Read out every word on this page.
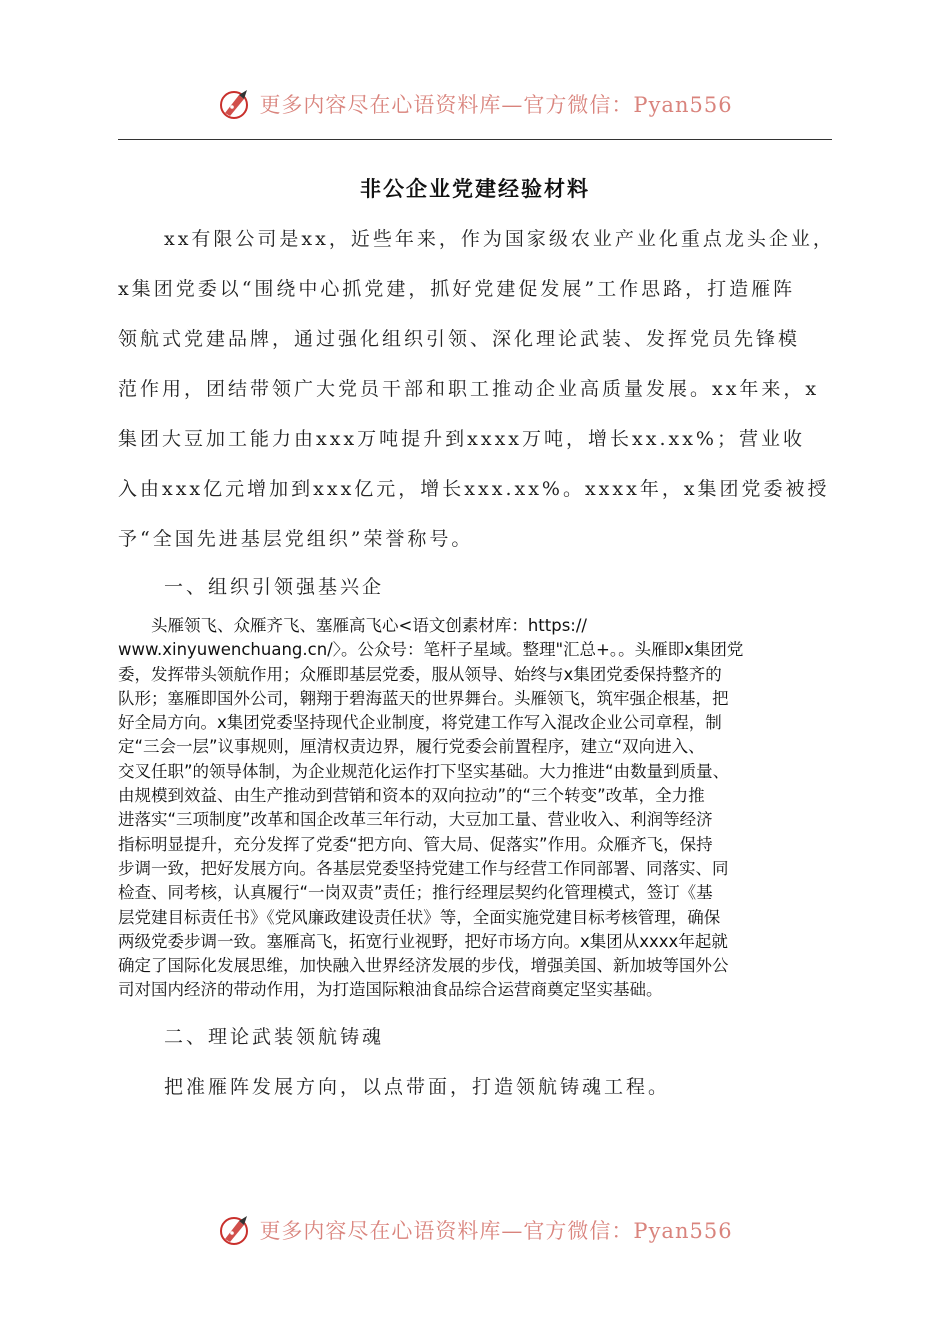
更多内容尽在心语资料库—官方微信：Pyan556
非公企业党建经验材料
xx有限公司是xx，近些年来，作为国家级农业产业化重点龙头企业，
x集团党委以“围绕中心抓党建，抓好党建促发展”工作思路，打造雁阵
领航式党建品牌，通过强化组织引领、深化理论武装、发挥党员先锋模
范作用，团结带领广大党员干部和职工推动企业高质量发展。xx年来，x
集团大豆加工能力由xxx万吨提升到xxxx万吨，增长xx.xx%；营业收
入由xxx亿元增加到xxx亿元，增长xxx.xx%。xxxx年，x集团党委被授
予“全国先进基层党组织”荣誉称号。
一、组织引领强基兴企
　　头雁领飞、众雁齐飞、塞雁高飞心<语文创素材库：https://
www.xinyuwenchuang.cn/〉。公众号：笔杆子星域。整理"汇总+。。头雁即x集团党
委，发挥带头领航作用；众雁即基层党委，服从领导、始终与x集团党委保持整齐的
队形；塞雁即国外公司，翱翔于碧海蓝天的世界舞台。头雁领飞，筑牢强企根基，把
好全局方向。x集团党委坚持现代企业制度，将党建工作写入混改企业公司章程，制
定“三会一层”议事规则，厘清权责边界，履行党委会前置程序，建立“双向进入、
交叉任职”的领导体制，为企业规范化运作打下坚实基础。大力推进“由数量到质量、
由规模到效益、由生产推动到营销和资本的双向拉动”的“三个转变”改革，全力推
进落实“三项制度”改革和国企改革三年行动，大豆加工量、营业收入、利润等经济
指标明显提升，充分发挥了党委“把方向、管大局、促落实”作用。众雁齐飞，保持
步调一致，把好发展方向。各基层党委坚持党建工作与经营工作同部署、同落实、同
检查、同考核，认真履行“一岗双责”责任；推行经理层契约化管理模式，签订《基
层党建目标责任书》《党风廉政建设责任状》等，全面实施党建目标考核管理，确保
两级党委步调一致。塞雁高飞，拓宽行业视野，把好市场方向。x集团从xxxx年起就
确定了国际化发展思维，加快融入世界经济发展的步伐，增强美国、新加坡等国外公
司对国内经济的带动作用，为打造国际粮油食品综合运营商奠定坚实基础。
二、理论武装领航铸魂
把准雁阵发展方向，以点带面，打造领航铸魂工程。
更多内容尽在心语资料库—官方微信：Pyan556
